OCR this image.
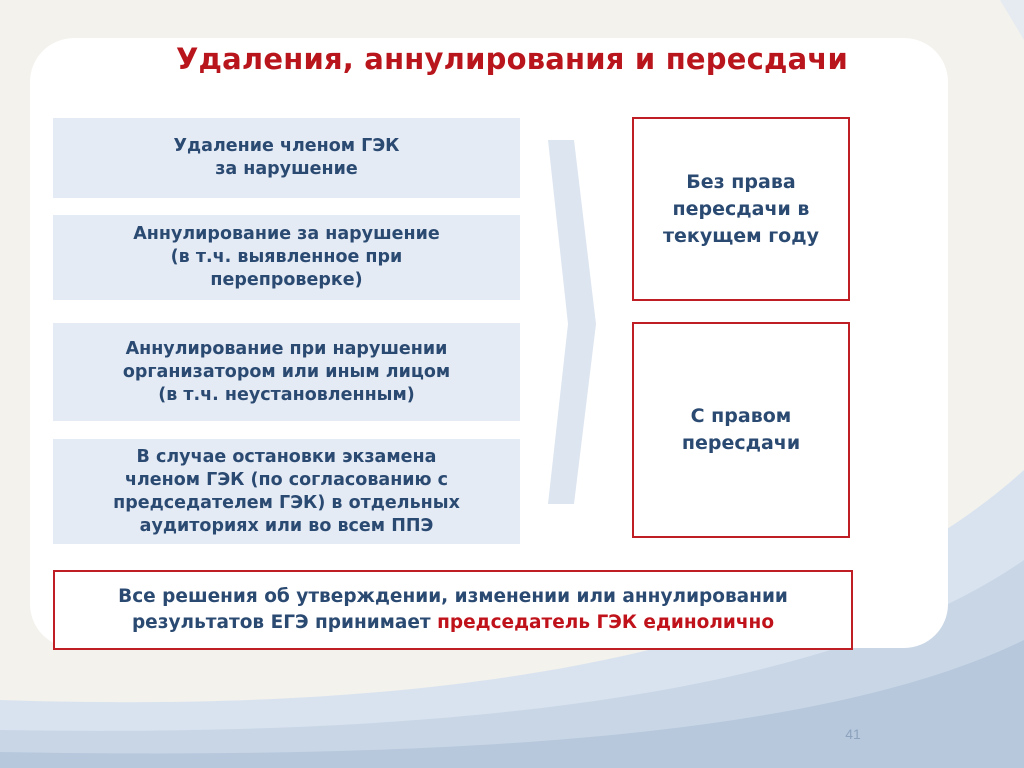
Удаления, аннулирования и пересдачи
Удаление членом ГЭК
за нарушение
Аннулирование за нарушение
(в т.ч. выявленное при
перепроверке)
Аннулирование при нарушении
организатором или иным лицом
(в т.ч. неустановленным)
В случае остановки экзамена
членом ГЭК (по согласованию с
председателем ГЭК) в отдельных
аудиториях или во всем ППЭ
Без права
пересдачи в
текущем году
С правом
пересдачи
Все решения об утверждении, изменении или аннулировании
результатов ЕГЭ принимает председатель ГЭК единолично
41
